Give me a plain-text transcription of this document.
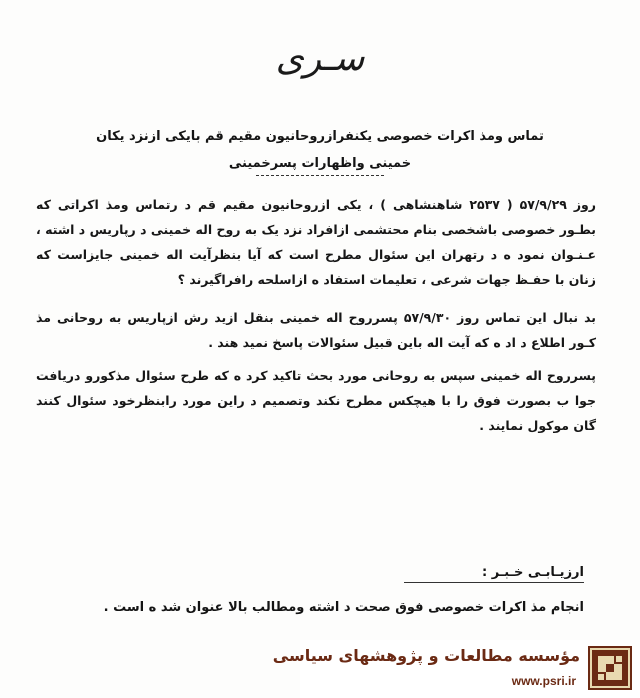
سـری
تماس ومذ اکرات خصوصی یکنفرازروحانیون مقیم قم بایکی ازنزد یکان
خمینی واظهارات پسرخمینی
روز ۵۷/۹/۲۹ ( ۲۵۳۷ شاهنشاهی ) ، یکی ازروحانیون مقیم قم د رتماس ومذ اکراتی که بطـور خصوصی باشخصی بنام محتشمی ازافراد نزد یک به روح اله خمینی د رپاریس د اشته ، عـنـوان نمود ه د رتهران این سئوال مطرح است که آیا بنظرآیت اله خمینی جایزاست که زنان با حفـظ جهات شرعی ، تعلیمات استفاد ه ازاسلحه رافراگیرند ؟
بد نبال این تماس روز ۵۷/۹/۳۰ پسرروح اله خمینی بنقل ازید رش ازپاریس به روحانی مذ کـور اطلاع د اد ه که آیت اله باین قبیل سئوالات پاسخ نمید هند .
پسرروح اله خمینی سپس به روحانی مورد بحث تاکید کرد ه که طرح سئوال مذکورو دریافت جوا ب بصورت فوق را با هیچکس مطرح نکند وتصمیم د راین مورد رابنظرخود سئوال کنند گان موکول نمایند .
ارزیـابـی خـبـر :
انجام مذ اکرات خصوصی فوق صحت د اشته ومطالب بالا عنوان شد ه است .
مؤسسه مطالعات و پژوهشهای سیاسی
www.psri.ir
